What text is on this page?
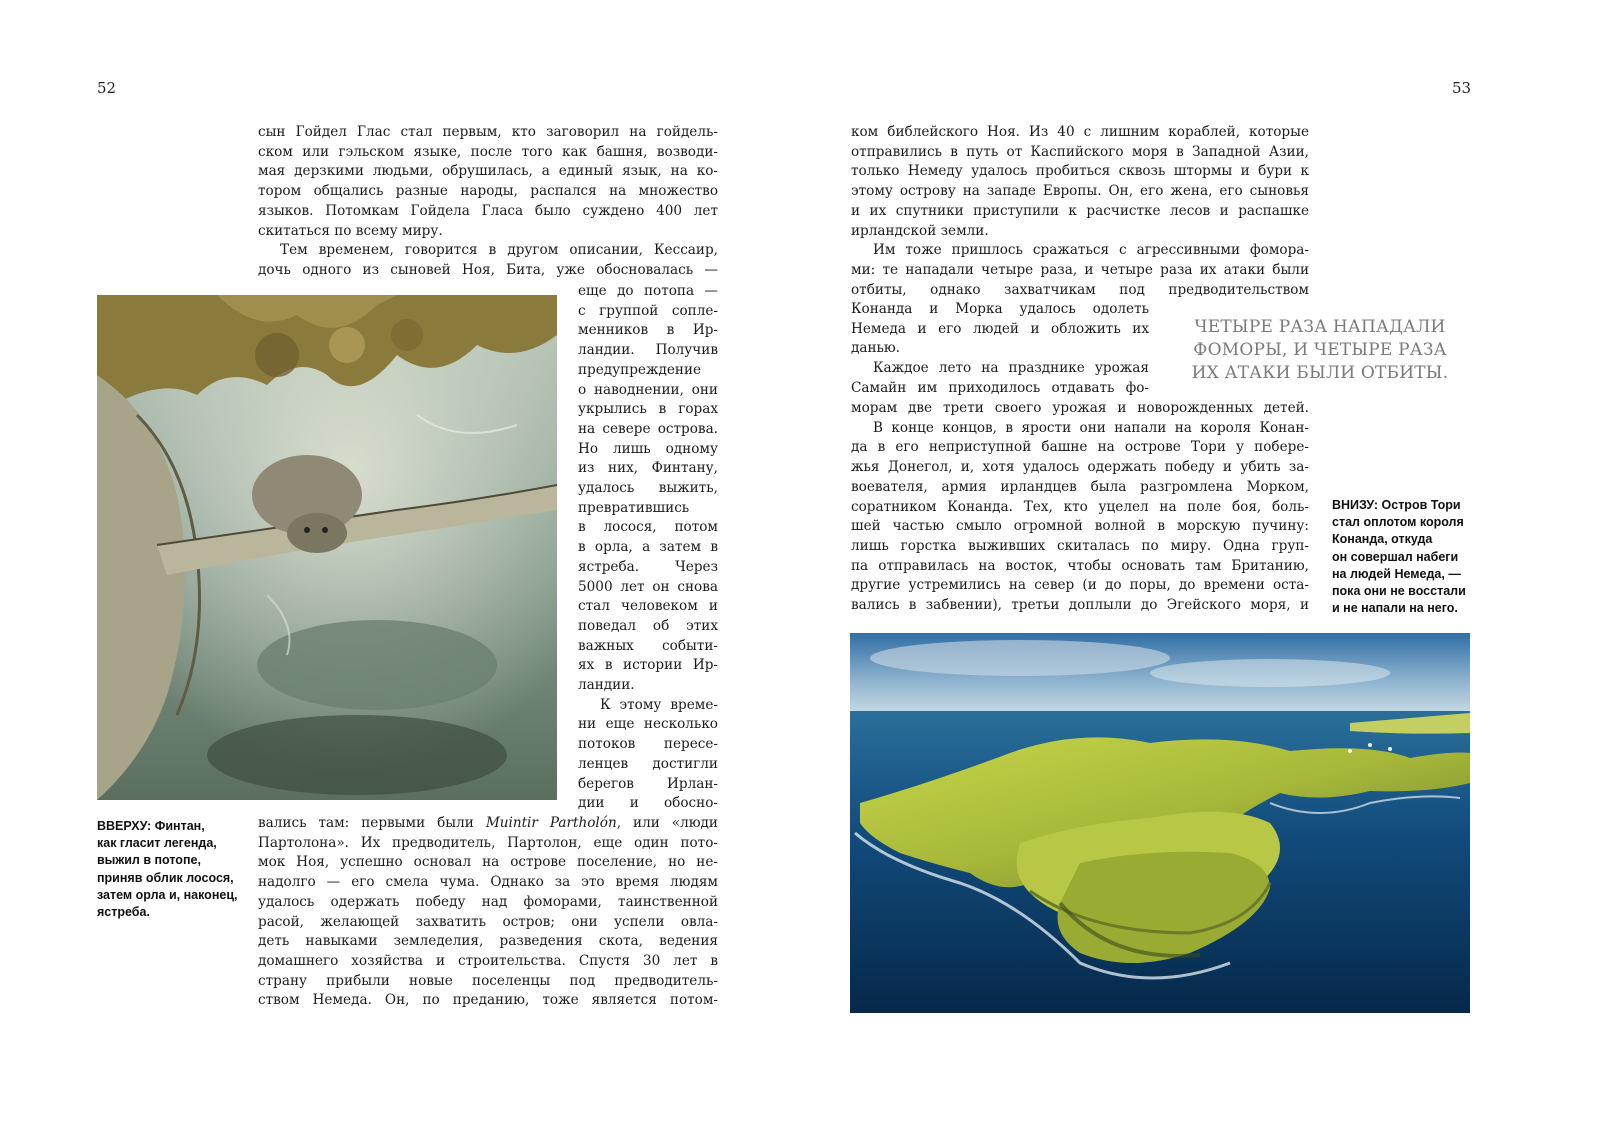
52
сын Гойдел Глас стал первым, кто заговорил на гойдель-
ском или гэльском языке, после того как башня, возводи-
мая дерзкими людьми, обрушилась, а единый язык, на ко-
тором общались разные народы, распался на множество
языков. Потомкам Гойдела Гласа было суждено 400 лет
скитаться по всему миру.
Тем временем, говорится в другом описании, Кессаир,
дочь одного из сыновей Ноя, Бита, уже обосновалась —
еще до потопа —
с группой сопле-
менников в Ир-
ландии. Получив
предупреждение
о наводнении, они
укрылись в горах
на севере острова.
Но лишь одному
из них, Финтану,
удалось выжить,
превратившись
в лосося, потом
в орла, а затем в
ястреба. Через
5000 лет он снова
стал человеком и
поведал об этих
важных событи-
ях в истории Ир-
ландии.
К этому време-
ни еще несколько
потоков пересе-
ленцев достигли
берегов Ирлан-
дии и обосно-
вались там: первыми были Muintir Partholón, или «люди
Партолона». Их предводитель, Партолон, еще один пото-
мок Ноя, успешно основал на острове поселение, но не-
надолго — его смела чума. Однако за это время людям
удалось одержать победу над фоморами, таинственной
расой, желающей захватить остров; они успели овла-
деть навыками земледелия, разведения скота, ведения
домашнего хозяйства и строительства. Спустя 30 лет в
страну прибыли новые поселенцы под предводитель-
ством Немеда. Он, по преданию, тоже является потом-
ВВЕРХУ: Финтан,
как гласит легенда,
выжил в потопе,
приняв облик лосося,
затем орла и, наконец,
ястреба.
53
ком библейского Ноя. Из 40 с лишним кораблей, которые
отправились в путь от Каспийского моря в Западной Азии,
только Немеду удалось пробиться сквозь штормы и бури к
этому острову на западе Европы. Он, его жена, его сыновья
и их спутники приступили к расчистке лесов и распашке
ирландской земли.
Им тоже пришлось сражаться с агрессивными фомора-
ми: те нападали четыре раза, и четыре раза их атаки были
отбиты, однако захватчикам под предводительством
Конанда и Морка удалось одолеть
Немеда и его людей и обложить их
данью.
Каждое лето на празднике урожая
Самайн им приходилось отдавать фо-
ЧЕТЫРЕ РАЗА НАПАДАЛИ
ФОМОРЫ, И ЧЕТЫРЕ РАЗА
ИХ АТАКИ БЫЛИ ОТБИТЫ.
морам две трети своего урожая и новорожденных детей.
В конце концов, в ярости они напали на короля Конан-
да в его неприступной башне на острове Тори у побере-
жья Донегол, и, хотя удалось одержать победу и убить за-
воевателя, армия ирландцев была разгромлена Морком,
соратником Конанда. Тех, кто уцелел на поле боя, боль-
шей частью смыло огромной волной в морскую пучину:
лишь горстка выживших скиталась по миру. Одна груп-
па отправилась на восток, чтобы основать там Британию,
другие устремились на север (и до поры, до времени оста-
вались в забвении), третьи доплыли до Эгейского моря, и
ВНИЗУ: Остров Тори
стал оплотом короля
Конанда, откуда
он совершал набеги
на людей Немеда, —
пока они не восстали
и не напали на него.
